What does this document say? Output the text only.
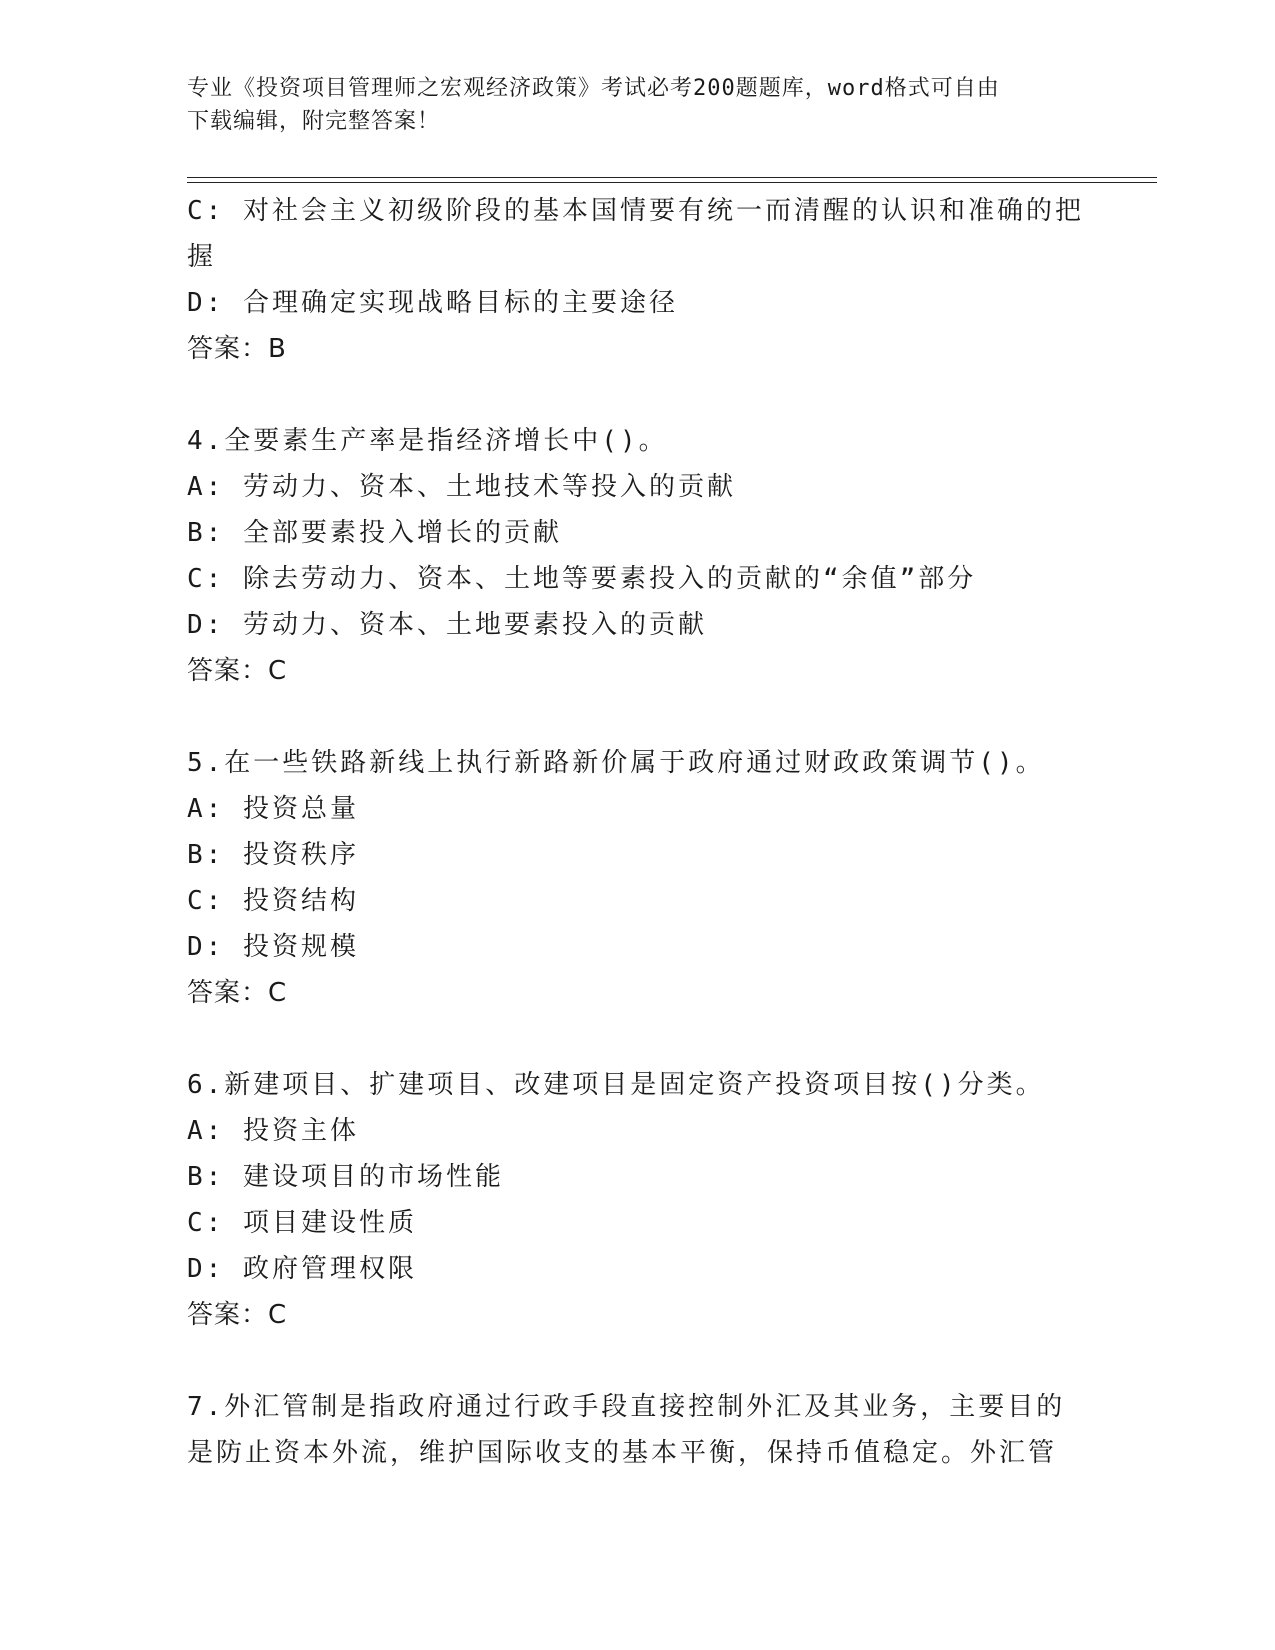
专业《投资项目管理师之宏观经济政策》考试必考200题题库，word格式可自由
下载编辑，附完整答案！
C: 对社会主义初级阶段的基本国情要有统一而清醒的认识和准确的把
握
D: 合理确定实现战略目标的主要途径
答案：B
4.全要素生产率是指经济增长中()。
A: 劳动力、资本、土地技术等投入的贡献
B: 全部要素投入增长的贡献
C: 除去劳动力、资本、土地等要素投入的贡献的“余值”部分
D: 劳动力、资本、土地要素投入的贡献
答案：C
5.在一些铁路新线上执行新路新价属于政府通过财政政策调节()。
A: 投资总量
B: 投资秩序
C: 投资结构
D: 投资规模
答案：C
6.新建项目、扩建项目、改建项目是固定资产投资项目按()分类。
A: 投资主体
B: 建设项目的市场性能
C: 项目建设性质
D: 政府管理权限
答案：C
7.外汇管制是指政府通过行政手段直接控制外汇及其业务，主要目的
是防止资本外流，维护国际收支的基本平衡，保持币值稳定。外汇管
